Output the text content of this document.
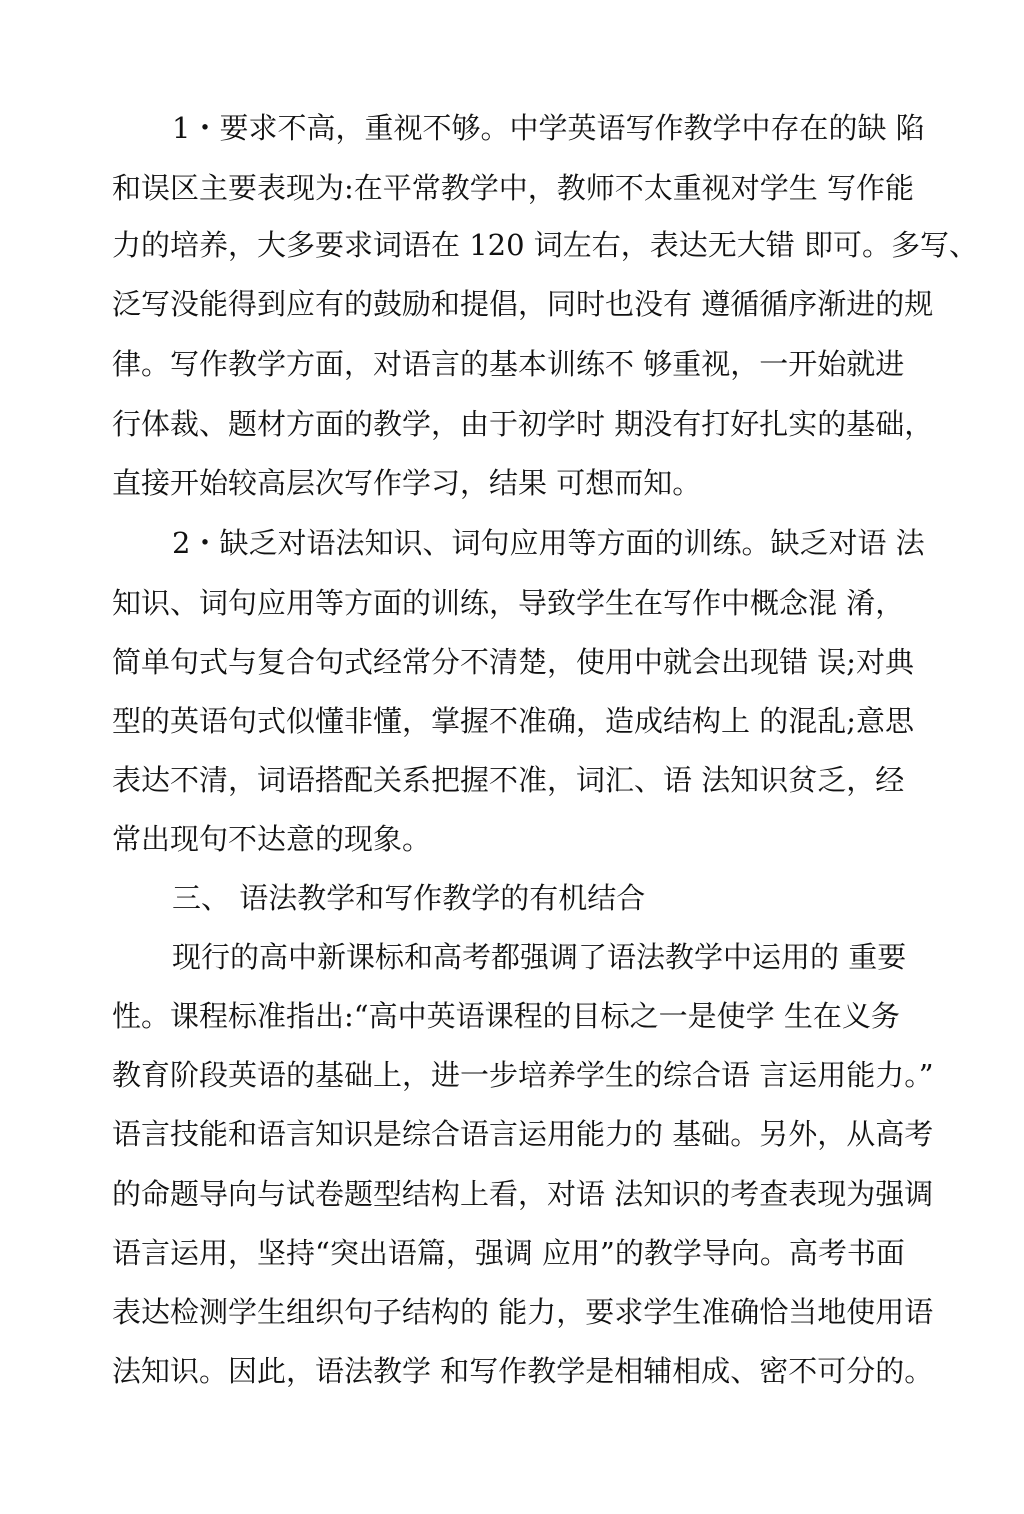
1・要求不高，重视不够。中学英语写作教学中存在的缺 陷
和误区主要表现为:在平常教学中，教师不太重视对学生 写作能
力的培养，大多要求词语在 120 词左右，表达无大错 即可。多写、
泛写没能得到应有的鼓励和提倡，同时也没有 遵循循序渐进的规
律。写作教学方面，对语言的基本训练不 够重视，一开始就进
行体裁、题材方面的教学，由于初学时 期没有打好扎实的基础，
直接开始较高层次写作学习，结果 可想而知。
2・缺乏对语法知识、词句应用等方面的训练。缺乏对语 法
知识、词句应用等方面的训练，导致学生在写作中概念混 淆，
简单句式与复合句式经常分不清楚，使用中就会出现错 误;对典
型的英语句式似懂非懂，掌握不准确，造成结构上 的混乱;意思
表达不清，词语搭配关系把握不准，词汇、语 法知识贫乏，经
常出现句不达意的现象。
三、 语法教学和写作教学的有机结合
现行的高中新课标和高考都强调了语法教学中运用的 重要
性。课程标准指出:“高中英语课程的目标之一是使学 生在义务
教育阶段英语的基础上，进一步培养学生的综合语 言运用能力。”
语言技能和语言知识是综合语言运用能力的 基础。另外，从高考
的命题导向与试卷题型结构上看，对语 法知识的考查表现为强调
语言运用，坚持“突出语篇，强调 应用”的教学导向。高考书面
表达检测学生组织句子结构的 能力，要求学生准确恰当地使用语
法知识。因此，语法教学 和写作教学是相辅相成、密不可分的。
